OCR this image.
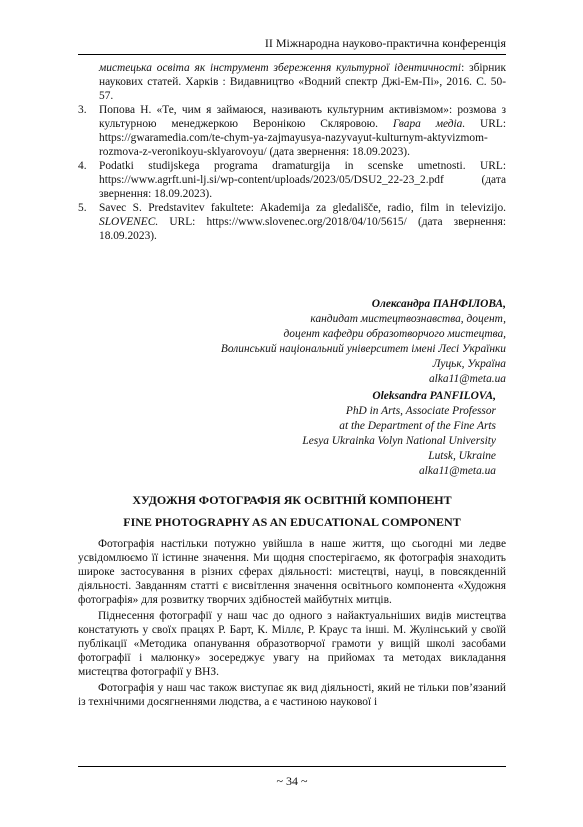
ІІ Міжнародна науково-практична конференція
мистецька освіта як інструмент збереження культурної ідентичності: збірник наукових статей. Харків : Видавництво «Водний спектр Джі-Ем-Пі», 2016. С. 50-57.
3.	Попова Н. «Те, чим я займаюся, називають культурним активізмом»: розмова з культурною менеджеркою Веронікою Скляровою. Гвара медіа. URL: https://gwaramedia.com/te-chym-ya-zajmayusya-nazyvayut-kulturnym-aktyvizmom-rozmova-z-veronikoyu-sklyarovoyu/ (дата звернення: 18.09.2023).
4.	Podatki studijskega programa dramaturgija in scenske umetnosti. URL: https://www.agrft.uni-lj.si/wp-content/uploads/2023/05/DSU2_22-23_2.pdf (дата звернення: 18.09.2023).
5.	Savec S. Predstavitev fakultete: Akademija za gledališče, radio, film in televizijo. SLOVENEC. URL: https://www.slovenec.org/2018/04/10/5615/ (дата звернення: 18.09.2023).
Олександра ПАНФІЛОВА,
кандидат мистецтвознавства, доцент,
доцент кафедри образотворчого мистецтва,
Волинський національний університет імені Лесі Українки
Луцьк, Україна
alka11@meta.ua
Oleksandra PANFILOVA,
PhD in Arts, Associate Professor
at the Department of the Fine Arts
Lesya Ukrainka Volyn National University
Lutsk, Ukraine
alka11@meta.ua
ХУДОЖНЯ ФОТОГРАФІЯ ЯК ОСВІТНІЙ КОМПОНЕНТ
FINE PHOTOGRAPHY AS AN EDUCATIONAL COMPONENT

Фотографія настільки потужно увійшла в наше життя, що сьогодні ми ледве усвідомлюємо її істинне значення. Ми щодня спостерігаємо, як фотографія знаходить широке застосування в різних сферах діяльності: мистецтві, науці, в повсякденній діяльності. Завданням статті є висвітлення значення освітнього компонента «Художня фотографія» для розвитку творчих здібностей майбутніх митців.

Піднесення фотографії у наш час до одного з найактуальніших видів мистецтва констатують у своїх працях Р. Барт, К. Міллє, Р. Краус та інші. М. Жулінський у своїй публікації «Методика опанування образотворчої грамоти у вищій школі засобами фотографії і малюнку» зосереджує увагу на прийомах та методах викладання мистецтва фотографії у ВНЗ.

Фотографія у наш час також виступає як вид діяльності, який не тільки пов’язаний із технічними досягненнями людства, а є частиною наукової і

~ 34 ~
